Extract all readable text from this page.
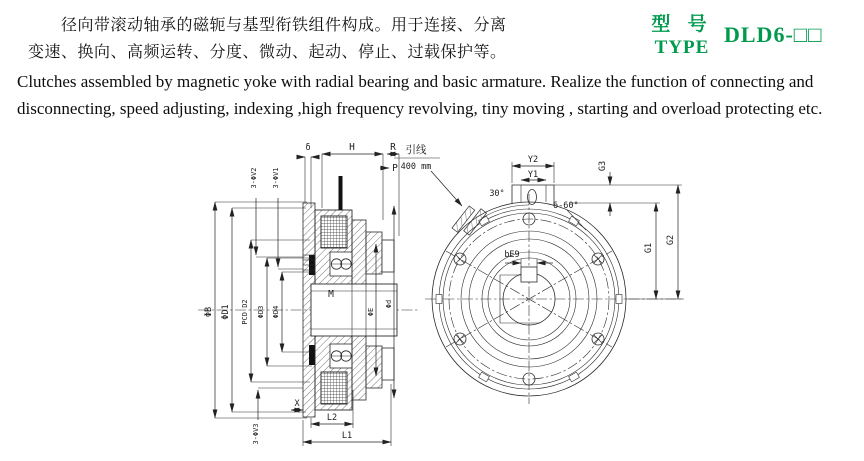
　　径向带滚动轴承的磁轭与基型衔铁组件构成。用于连接、分离
变速、换向、高频运转、分度、微动、起动、停止、过载保护等。
型 号
TYPE
DLD6-□□
Clutches assembled by magnetic yoke with radial bearing and basic armature. Realize the function of connecting and
disconnecting, speed adjusting, indexing ,high frequency revolving, tiny moving , starting and overload protecting etc.
M
ΦB ΦD1 PCD D2 ΦD3 ΦD4	ΦE
Φd
δ	H	R
P
3-ΦV2 3-ΦV1
3-ΦV3
X
L2
L1
bE9
Y2
Y1
G3
G1
G2
30°
6-60°
引线
400 mm
